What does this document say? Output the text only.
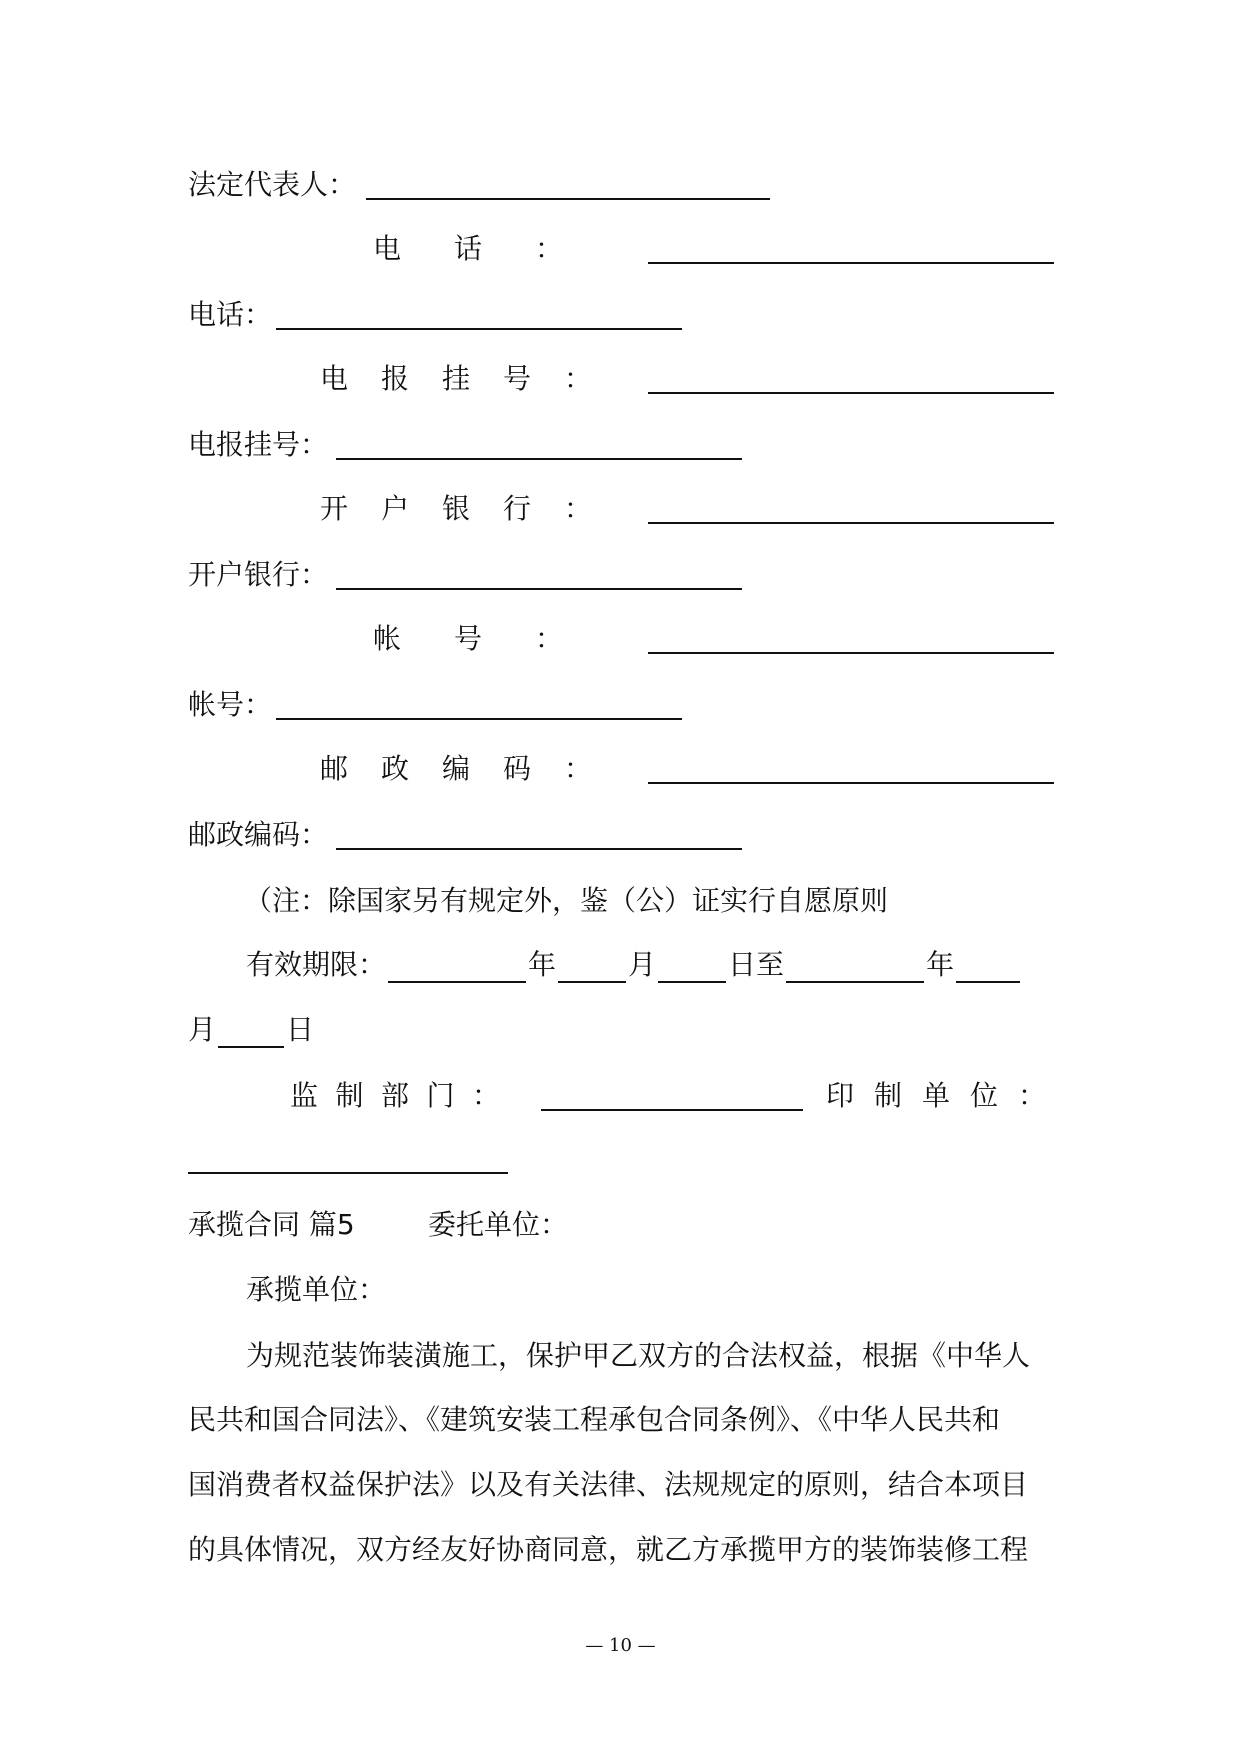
法定代表人：
电 话 ：
电话：
电 报 挂 号 ：
电报挂号：
开 户 银 行 ：
开户银行：
帐 号 ：
帐号：
邮 政 编 码 ：
邮政编码：
（注：除国家另有规定外，鉴（公）证实行自愿原则
有效期限：	年	月	日至	年
月	日
监 制 部 门 ：	印 制 单 位 ：
承揽合同 篇5	委托单位：
承揽单位：
为规范装饰装潢施工，保护甲乙双方的合法权益，根据《中华人
民共和国合同法》、《建筑安装工程承包合同条例》、《中华人民共和
国消费者权益保护法》以及有关法律、法规规定的原则，结合本项目
的具体情况，双方经友好协商同意，就乙方承揽甲方的装饰装修工程
— 10 —
